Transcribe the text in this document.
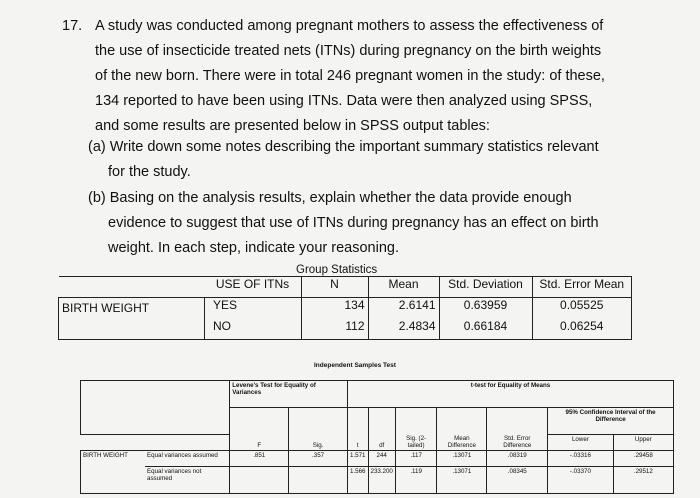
17. A study was conducted among pregnant mothers to assess the effectiveness of
the use of insecticide treated nets (ITNs) during pregnancy on the birth weights
of the new born. There were in total 246 pregnant women in the study: of these,
134 reported to have been using ITNs. Data were then analyzed using SPSS,
and some results are presented below in SPSS output tables:
(a) Write down some notes describing the important summary statistics relevant
for the study.
(b) Basing on the analysis results, explain whether the data provide enough
evidence to suggest that use of ITNs during pregnancy has an effect on birth
weight. In each step, indicate your reasoning.
Group Statistics
	USE OF ITNs	N	Mean	Std. Deviation	Std. Error Mean
BIRTH WEIGHT	YES	134	2.6141	0.63959	0.05525
	NO	112	2.4834	0.66184	0.06254
Independent Samples Test
		Levene's Test for Equality of Variances		t-test for Equality of Means						
		F	Sig.	t	df	Sig. (2-tailed)	Mean Difference	Std. Error Difference	95% Confidence Interval of the Difference	
									Lower	Upper
BIRTH WEIGHT	Equal variances assumed	.851	.357	1.571	244	.117	.13071	.08319	-.03316	.29458
	Equal variances not assumed			1.566	233.200	.119	.13071	.08345	-.03370	.29512
